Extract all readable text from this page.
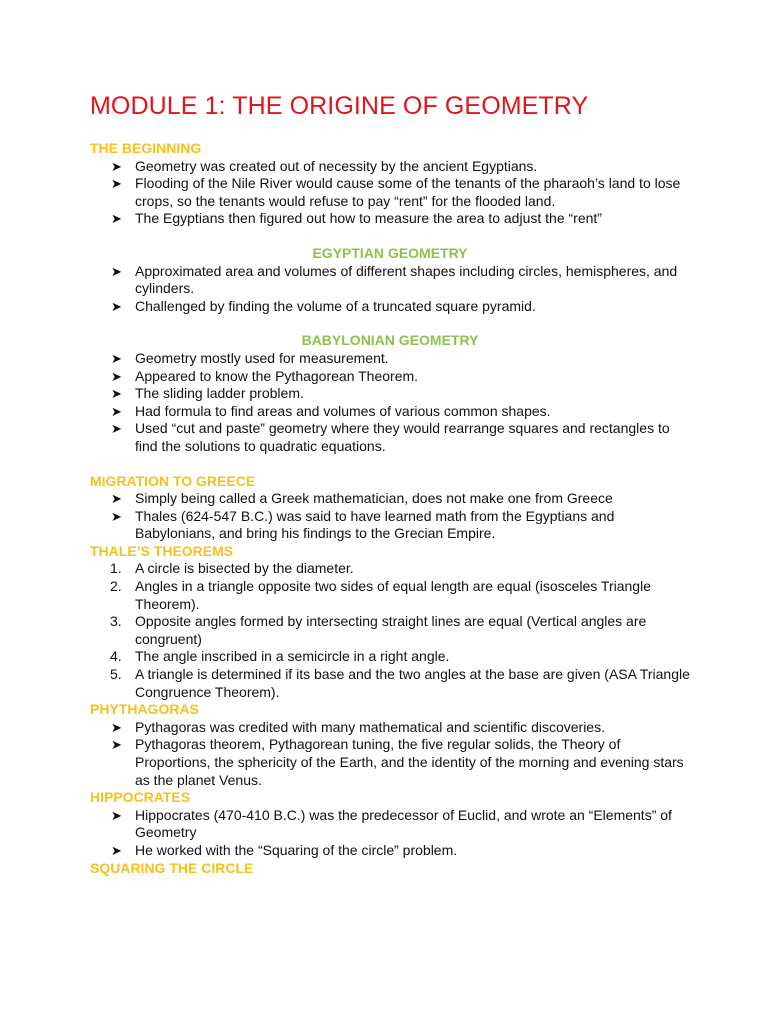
MODULE 1: THE ORIGINE OF GEOMETRY
THE BEGINNING
➤ Geometry was created out of necessity by the ancient Egyptians.
➤ Flooding of the Nile River would cause some of the tenants of the pharaoh’s land to lose crops, so the tenants would refuse to pay “rent” for the flooded land.
➤ The Egyptians then figured out how to measure the area to adjust the “rent”
EGYPTIAN GEOMETRY
➤ Approximated area and volumes of different shapes including circles, hemispheres, and cylinders.
➤ Challenged by finding the volume of a truncated square pyramid.
BABYLONIAN GEOMETRY
➤ Geometry mostly used for measurement.
➤ Appeared to know the Pythagorean Theorem.
➤ The sliding ladder problem.
➤ Had formula to find areas and volumes of various common shapes.
➤ Used “cut and paste” geometry where they would rearrange squares and rectangles to find the solutions to quadratic equations.
MIGRATION TO GREECE
➤ Simply being called a Greek mathematician, does not make one from Greece
➤ Thales (624-547 B.C.) was said to have learned math from the Egyptians and Babylonians, and bring his findings to the Grecian Empire.
THALE’S THEOREMS
1. A circle is bisected by the diameter.
2. Angles in a triangle opposite two sides of equal length are equal (isosceles Triangle Theorem).
3. Opposite angles formed by intersecting straight lines are equal (Vertical angles are congruent)
4. The angle inscribed in a semicircle in a right angle.
5. A triangle is determined if its base and the two angles at the base are given (ASA Triangle Congruence Theorem).
PHYTHAGORAS
➤ Pythagoras was credited with many mathematical and scientific discoveries.
➤ Pythagoras theorem, Pythagorean tuning, the five regular solids, the Theory of Proportions, the sphericity of the Earth, and the identity of the morning and evening stars as the planet Venus.
HIPPOCRATES
➤ Hippocrates (470-410 B.C.) was the predecessor of Euclid, and wrote an “Elements” of Geometry
➤ He worked with the “Squaring of the circle” problem.
SQUARING THE CIRCLE
